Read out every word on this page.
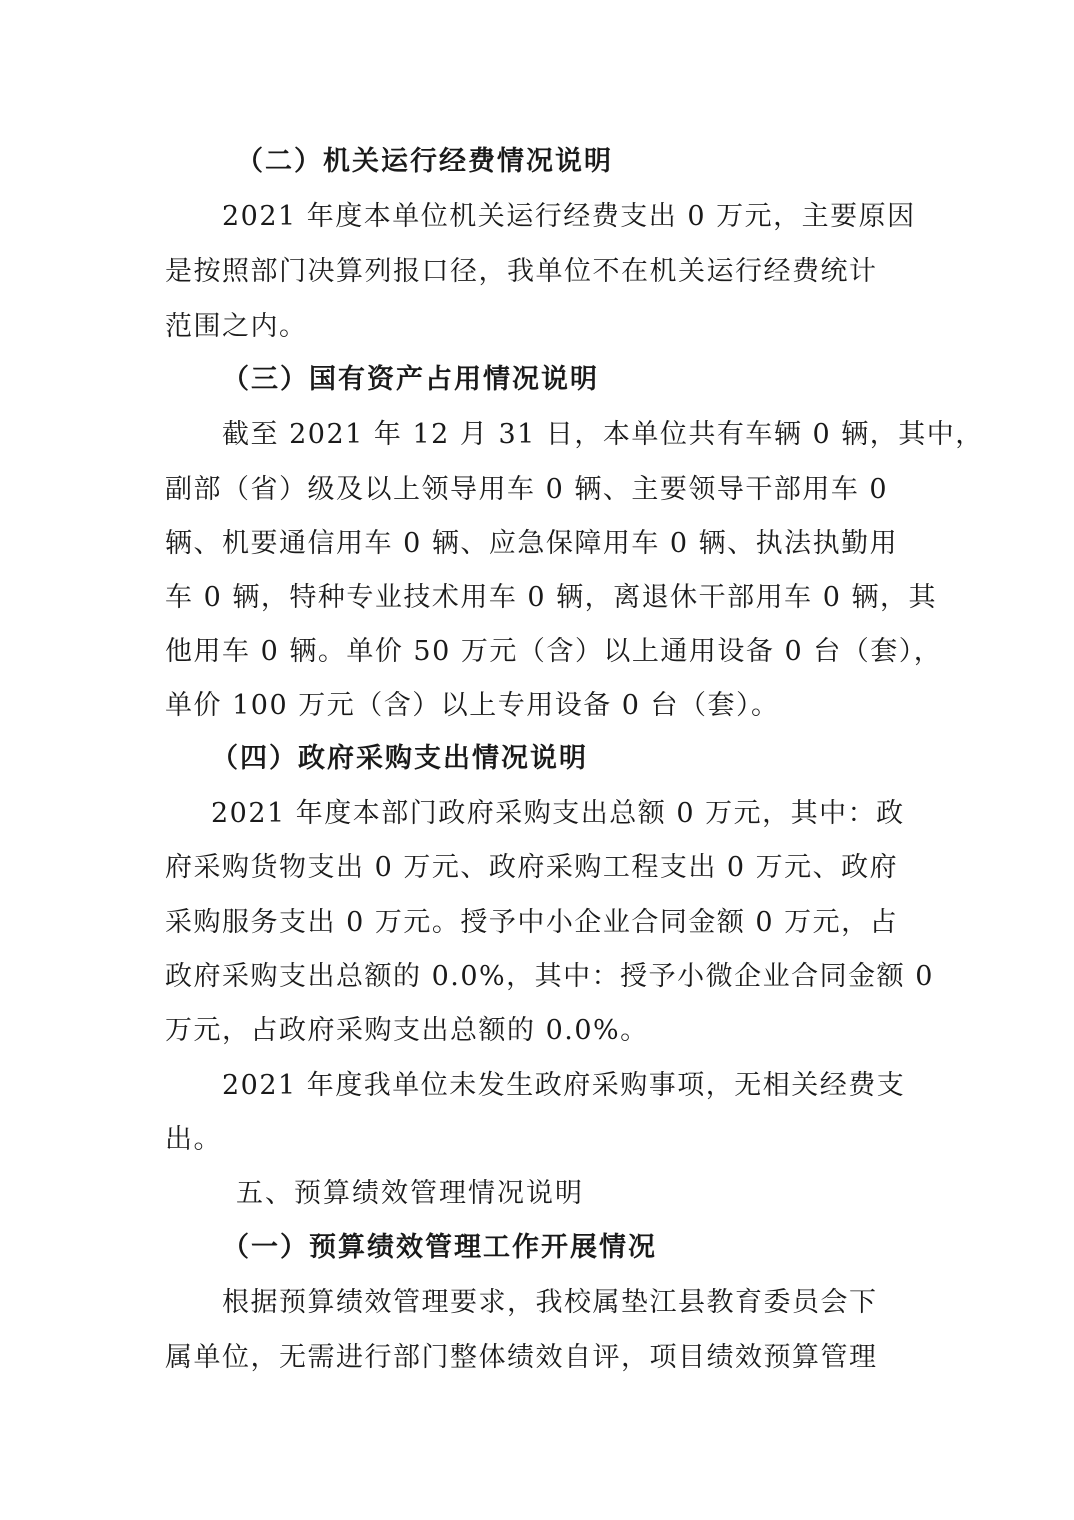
（二）机关运行经费情况说明
2021 年度本单位机关运行经费支出 0 万元，主要原因
是按照部门决算列报口径，我单位不在机关运行经费统计
范围之内。
（三）国有资产占用情况说明
截至 2021 年 12 月 31 日，本单位共有车辆 0 辆，其中，
副部（省）级及以上领导用车 0 辆、主要领导干部用车 0
辆、机要通信用车 0 辆、应急保障用车 0 辆、执法执勤用
车 0 辆，特种专业技术用车 0 辆，离退休干部用车 0 辆，其
他用车 0 辆。单价 50 万元（含）以上通用设备 0 台（套），
单价 100 万元（含）以上专用设备 0 台（套）。
（四）政府采购支出情况说明
2021 年度本部门政府采购支出总额 0 万元，其中：政
府采购货物支出 0 万元、政府采购工程支出 0 万元、政府
采购服务支出 0 万元。授予中小企业合同金额 0 万元，占
政府采购支出总额的 0.0%，其中：授予小微企业合同金额 0
万元，占政府采购支出总额的 0.0%。
2021 年度我单位未发生政府采购事项，无相关经费支
出。
五、预算绩效管理情况说明
（一）预算绩效管理工作开展情况
根据预算绩效管理要求，我校属垫江县教育委员会下
属单位，无需进行部门整体绩效自评，项目绩效预算管理
